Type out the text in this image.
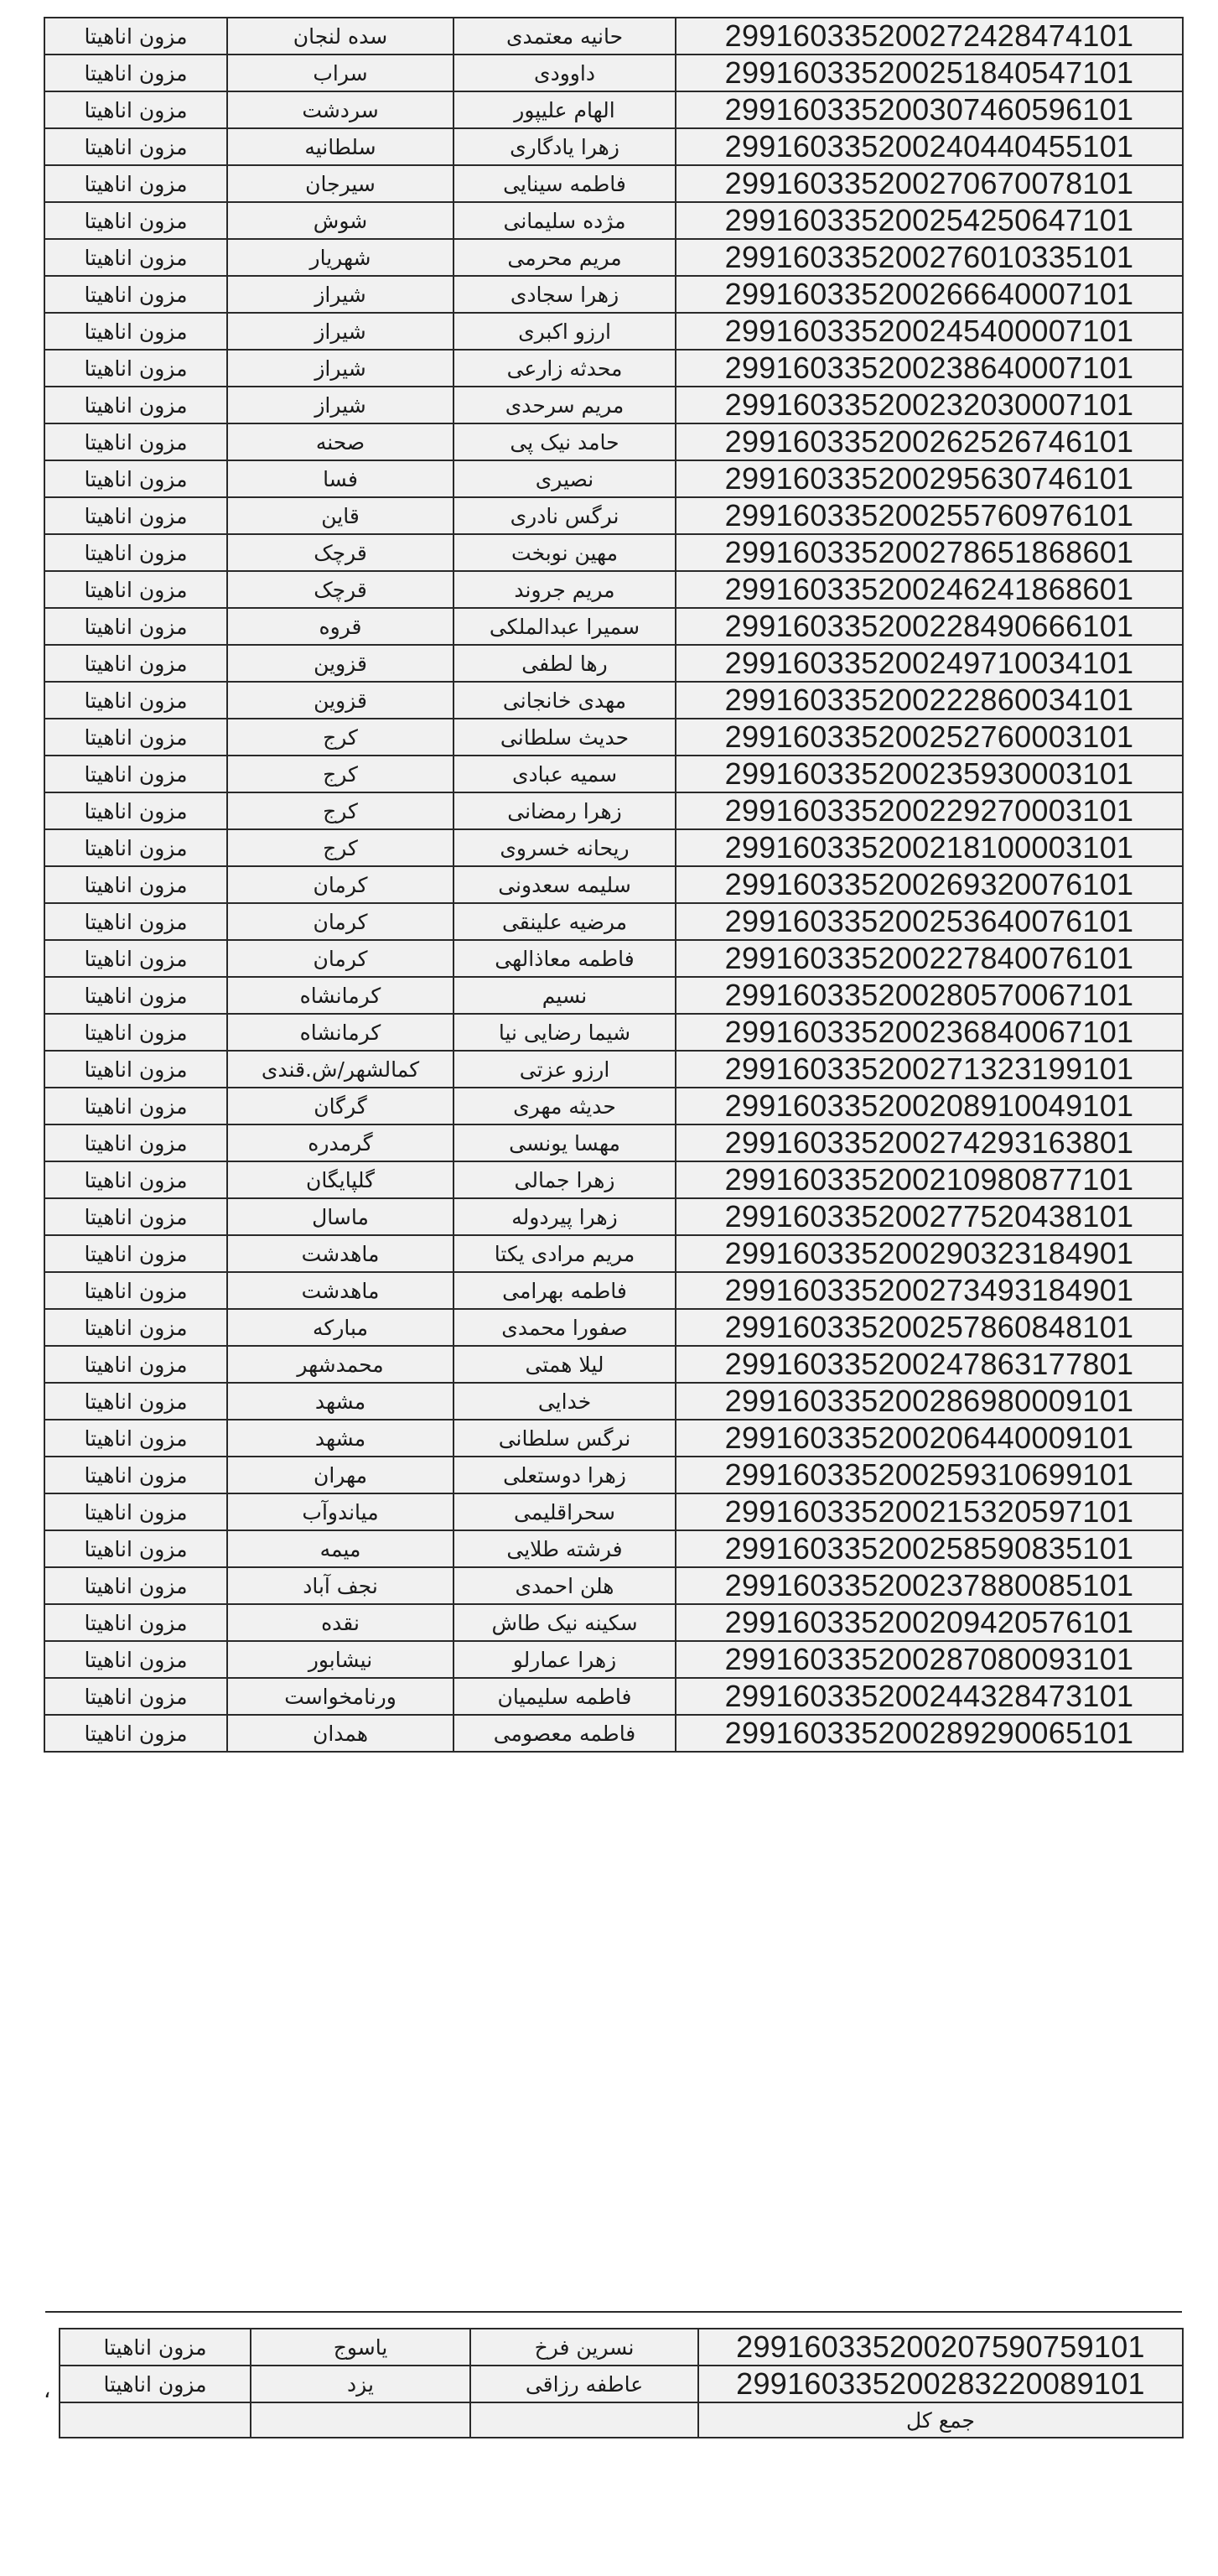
مزون اناهیتا	سده لنجان	حانیه معتمدی	299160335200272428474101
مزون اناهیتا	سراب	داوودی	299160335200251840547101
مزون اناهیتا	سردشت	الهام علیپور	299160335200307460596101
مزون اناهیتا	سلطانیه	زهرا یادگاری	299160335200240440455101
مزون اناهیتا	سیرجان	فاطمه سینایی	299160335200270670078101
مزون اناهیتا	شوش	مژده سلیمانی	299160335200254250647101
مزون اناهیتا	شهریار	مریم محرمی	299160335200276010335101
مزون اناهیتا	شیراز	زهرا سجادی	299160335200266640007101
مزون اناهیتا	شیراز	ارزو اکبری	299160335200245400007101
مزون اناهیتا	شیراز	محدثه زارعی	299160335200238640007101
مزون اناهیتا	شیراز	مریم سرحدی	299160335200232030007101
مزون اناهیتا	صحنه	حامد نیک پی	299160335200262526746101
مزون اناهیتا	فسا	نصیری	299160335200295630746101
مزون اناهیتا	قاین	نرگس نادری	299160335200255760976101
مزون اناهیتا	قرچک	مهین نوبخت	299160335200278651868601
مزون اناهیتا	قرچک	مریم جروند	299160335200246241868601
مزون اناهیتا	قروه	سمیرا عبدالملکی	299160335200228490666101
مزون اناهیتا	قزوین	رها لطفی	299160335200249710034101
مزون اناهیتا	قزوین	مهدی خانجانی	299160335200222860034101
مزون اناهیتا	کرج	حدیث سلطانی	299160335200252760003101
مزون اناهیتا	کرج	سمیه عبادی	299160335200235930003101
مزون اناهیتا	کرج	زهرا رمضانی	299160335200229270003101
مزون اناهیتا	کرج	ریحانه خسروی	299160335200218100003101
مزون اناهیتا	کرمان	سلیمه سعدونی	299160335200269320076101
مزون اناهیتا	کرمان	مرضیه علینقی	299160335200253640076101
مزون اناهیتا	کرمان	فاطمه معاذالهی	299160335200227840076101
مزون اناهیتا	کرمانشاه	نسیم	299160335200280570067101
مزون اناهیتا	کرمانشاه	شیما رضایی نیا	299160335200236840067101
مزون اناهیتا	کمالشهر/ش.قندی	ارزو عزتی	299160335200271323199101
مزون اناهیتا	گرگان	حدیثه مهری	299160335200208910049101
مزون اناهیتا	گرمدره	مهسا یونسی	299160335200274293163801
مزون اناهیتا	گلپایگان	زهرا جمالی	299160335200210980877101
مزون اناهیتا	ماسال	زهرا پیردوله	299160335200277520438101
مزون اناهیتا	ماهدشت	مریم مرادی یکتا	299160335200290323184901
مزون اناهیتا	ماهدشت	فاطمه بهرامی	299160335200273493184901
مزون اناهیتا	مبارکه	صفورا محمدی	299160335200257860848101
مزون اناهیتا	محمدشهر	لیلا همتی	299160335200247863177801
مزون اناهیتا	مشهد	خدایی	299160335200286980009101
مزون اناهیتا	مشهد	نرگس سلطانی	299160335200206440009101
مزون اناهیتا	مهران	زهرا دوستعلی	299160335200259310699101
مزون اناهیتا	میاندوآب	سحراقلیمی	299160335200215320597101
مزون اناهیتا	میمه	فرشته طلایی	299160335200258590835101
مزون اناهیتا	نجف آباد	هلن احمدی	299160335200237880085101
مزون اناهیتا	نقده	سکینه نیک طاش	299160335200209420576101
مزون اناهیتا	نیشابور	زهرا عمارلو	299160335200287080093101
مزون اناهیتا	ورنامخواست	فاطمه سلیمیان	299160335200244328473101
مزون اناهیتا	همدان	فاطمه معصومی	299160335200289290065101
مزون اناهیتا	یاسوج	نسرین فرخ	299160335200207590759101
مزون اناهیتا	یزد	عاطفه رزاقی	299160335200283220089101
			جمع کل
،
